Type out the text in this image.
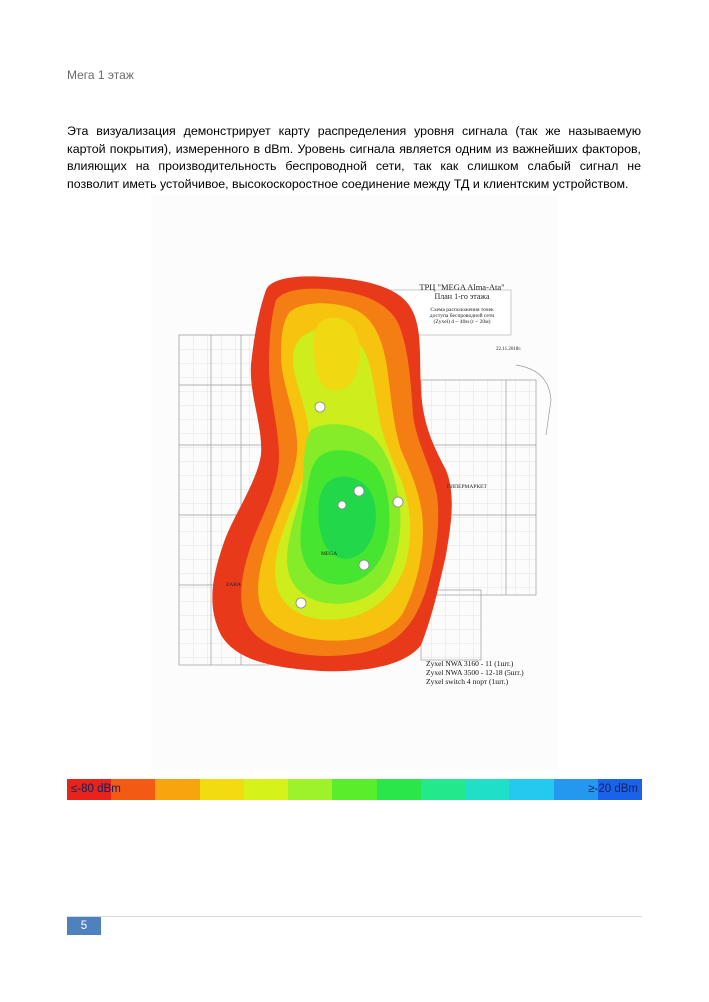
Мега 1 этаж
Эта визуализация демонстрирует карту распределения уровня сигнала (так же называемую картой покрытия), измеренного в dBm. Уровень сигнала является одним из важнейших факторов, влияющих на производительность беспроводной сети, так как слишком слабый сигнал не позволит иметь устойчивое, высокоскоростное соединение между ТД и клиентским устройством.
ТРЦ "MEGA Alma-Ata"
План 1-го этажа
Схема расположения точек
доступа беспроводной сети
(Zyxel) d ~ 40м (r ~ 20м)
22.11.2018г.
ZARA
ГИПЕРМАРКЕТ
MEGA
Zyxel NWA 3160 - 11 (1шт.)
Zyxel NWA 3500 - 12-18 (5шт.)
Zyxel switch 4 порт (1шт.)
≤-80 dBm	≥-20 dBm
5
